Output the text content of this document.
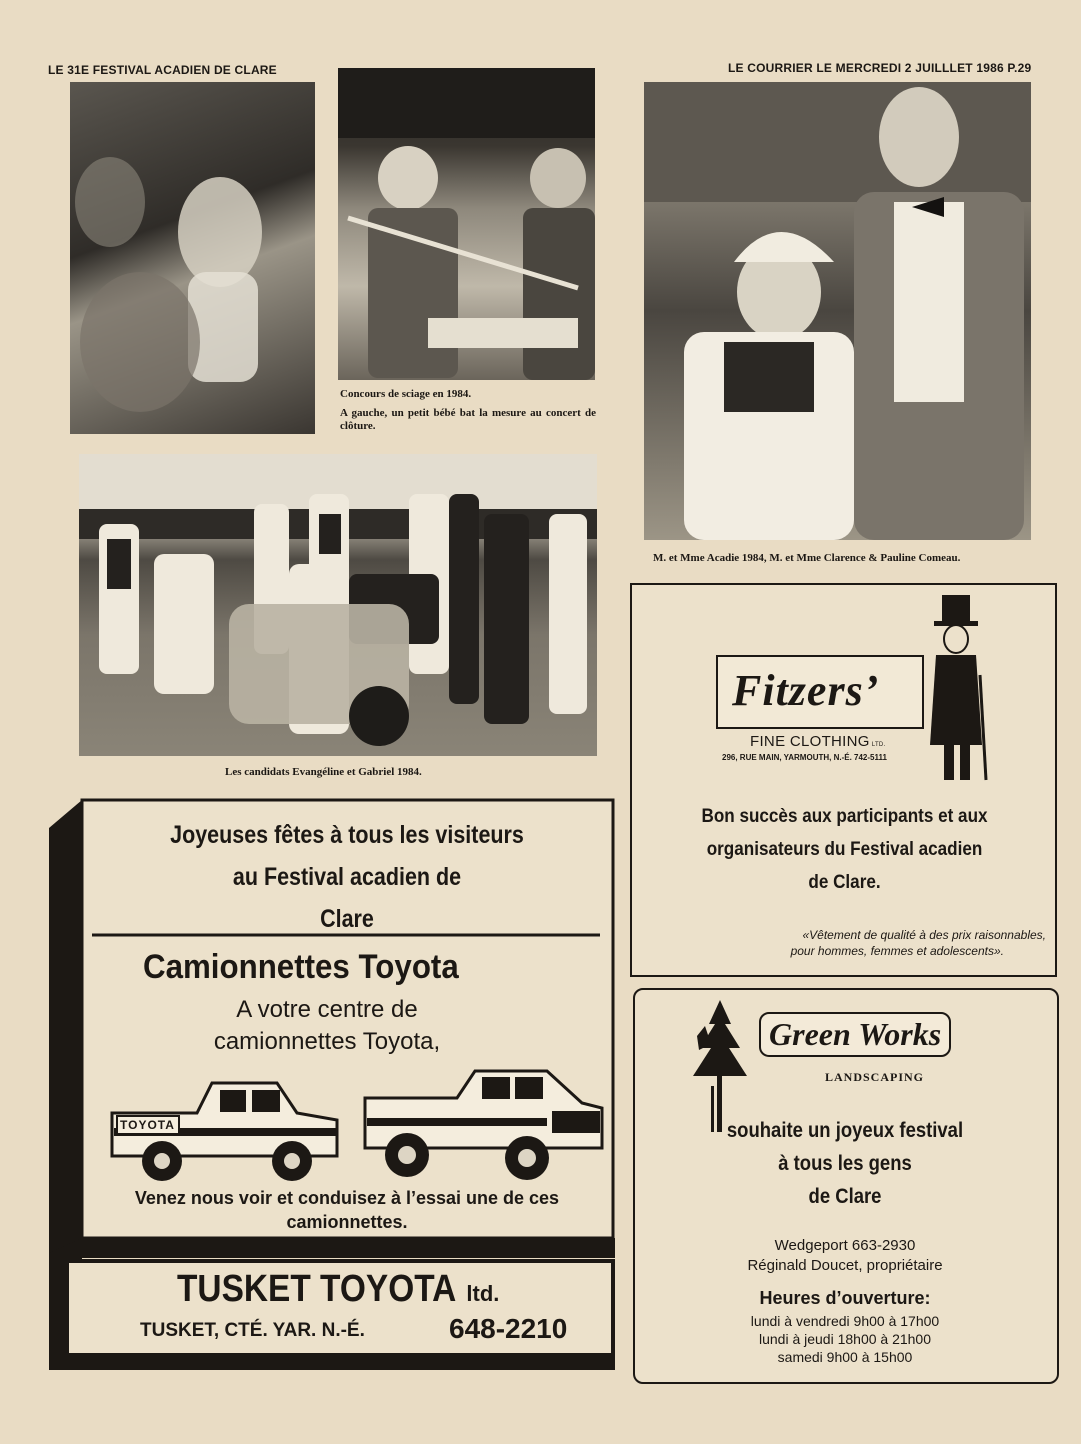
LE 31E FESTIVAL ACADIEN DE CLARE	LE COURRIER LE MERCREDI 2 JUILLLET 1986 P.29
Concours de sciage en 1984.
A gauche, un petit bébé bat la mesure au concert de clôture.
M. et Mme Acadie 1984, M. et Mme Clarence & Pauline Comeau.
Les candidats Evangéline et Gabriel 1984.
Joyeuses fêtes à tous les visiteurs
au Festival acadien de
Clare
Camionnettes Toyota
A votre centre de
camionnettes Toyota,
TOYOTA
Venez nous voir et conduisez à l’essai une de ces
camionnettes.
TUSKET TOYOTA ltd.
TUSKET, CTÉ. YAR. N.-É.	648-2210
Fitzers’
FINE CLOTHING LTD.
296, RUE MAIN, YARMOUTH, N.-É. 742-5111
Bon succès aux participants et aux
organisateurs du Festival acadien
de Clare.
«Vêtement de qualité à des prix raisonnables,
pour hommes, femmes et adolescents».
Green Works
LANDSCAPING
souhaite un joyeux festival
à tous les gens
de Clare
Wedgeport 663-2930
Réginald Doucet, propriétaire
Heures d’ouverture:
lundi à vendredi 9h00 à 17h00
lundi à jeudi 18h00 à 21h00
samedi 9h00 à 15h00
